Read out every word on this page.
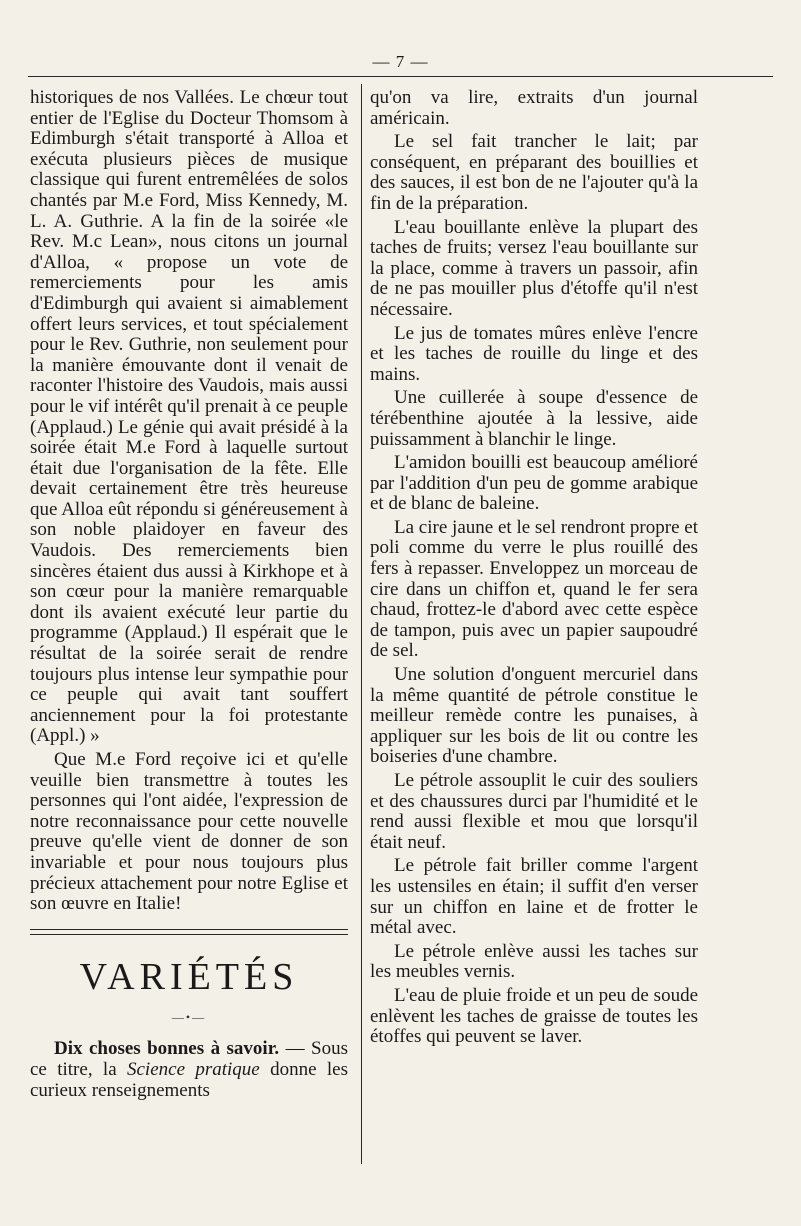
— 7 —

historiques de nos Vallées. Le chœur tout entier de l'Eglise du Docteur Thomsom à Edimburgh s'était transporté à Alloa et exécuta plusieurs pièces de musique classique qui furent entremêlées de solos chantés par M.e Ford, Miss Kennedy, M. L. A. Guthrie. A la fin de la soirée «le Rev. M.c Lean», nous citons un journal d'Alloa, « propose un vote de remerciements pour les amis d'Edimburgh qui avaient si aimablement offert leurs services, et tout spécialement pour le Rev. Guthrie, non seulement pour la manière émouvante dont il venait de raconter l'histoire des Vaudois, mais aussi pour le vif intérêt qu'il prenait à ce peuple (Applaud.) Le génie qui avait présidé à la soirée était M.e Ford à laquelle surtout était due l'organisation de la fête. Elle devait certainement être très heureuse que Alloa eût répondu si généreusement à son noble plaidoyer en faveur des Vaudois. Des remerciements bien sincères étaient dus aussi à Kirkhope et à son cœur pour la manière remarquable dont ils avaient exécuté leur partie du programme (Applaud.) Il espérait que le résultat de la soirée serait de rendre toujours plus intense leur sympathie pour ce peuple qui avait tant souffert anciennement pour la foi protestante (Appl.) »

Que M.e Ford reçoive ici et qu'elle veuille bien transmettre à toutes les personnes qui l'ont aidée, l'expression de notre reconnaissance pour cette nouvelle preuve qu'elle vient de donner de son invariable et pour nous toujours plus précieux attachement pour notre Eglise et son œuvre en Italie!

VARIÉTÉS
—•—

Dix choses bonnes à savoir. — Sous ce titre, la Science pratique donne les curieux renseignements

qu'on va lire, extraits d'un journal américain.

Le sel fait trancher le lait; par conséquent, en préparant des bouillies et des sauces, il est bon de ne l'ajouter qu'à la fin de la préparation.

L'eau bouillante enlève la plupart des taches de fruits; versez l'eau bouillante sur la place, comme à travers un passoir, afin de ne pas mouiller plus d'étoffe qu'il n'est nécessaire.

Le jus de tomates mûres enlève l'encre et les taches de rouille du linge et des mains.

Une cuillerée à soupe d'essence de térébenthine ajoutée à la lessive, aide puissamment à blanchir le linge.

L'amidon bouilli est beaucoup amélioré par l'addition d'un peu de gomme arabique et de blanc de baleine.

La cire jaune et le sel rendront propre et poli comme du verre le plus rouillé des fers à repasser. Enveloppez un morceau de cire dans un chiffon et, quand le fer sera chaud, frottez-le d'abord avec cette espèce de tampon, puis avec un papier saupoudré de sel.

Une solution d'onguent mercuriel dans la même quantité de pétrole constitue le meilleur remède contre les punaises, à appliquer sur les bois de lit ou contre les boiseries d'une chambre.

Le pétrole assouplit le cuir des souliers et des chaussures durci par l'humidité et le rend aussi flexible et mou que lorsqu'il était neuf.

Le pétrole fait briller comme l'argent les ustensiles en étain; il suffit d'en verser sur un chiffon en laine et de frotter le métal avec.

Le pétrole enlève aussi les taches sur les meubles vernis.

L'eau de pluie froide et un peu de soude enlèvent les taches de graisse de toutes les étoffes qui peuvent se laver.
